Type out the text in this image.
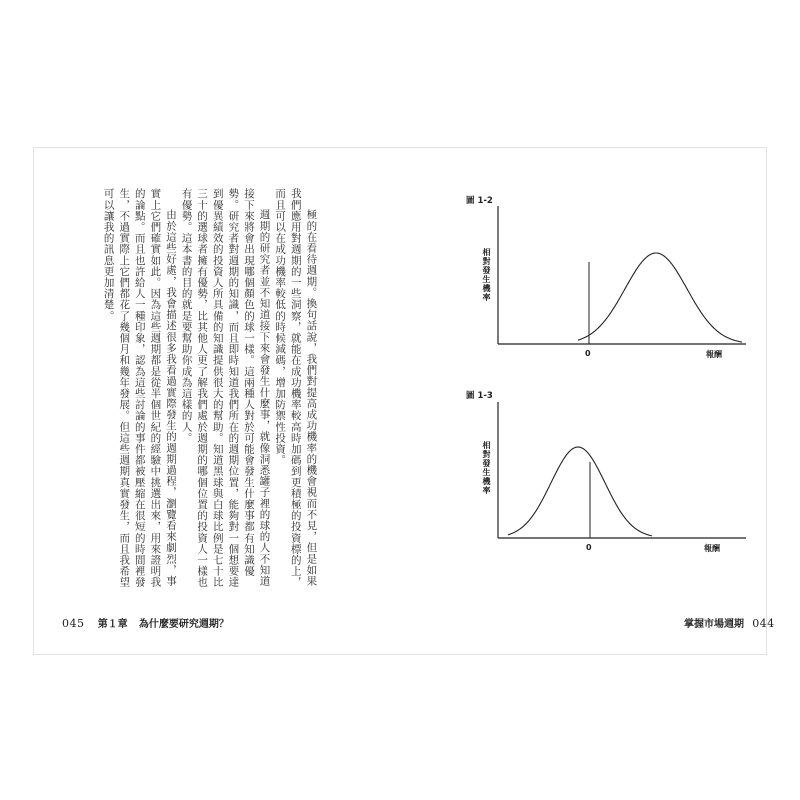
極的在看待週期。換句話說，我們對提高成功機率的機會視而不見，但是如果我們應用對週期的一些洞察，就能在成功機率較高時加碼到更積極的投資標的上，而且可以在成功機率較低的時候減碼，增加防禦性投資。

週期的研究者並不知道接下來會發生什麼事，就像洞悉罐子裡的球的人不知道接下來將會出現哪個顏色的球一樣。這兩種人對於可能會發生什麼事都有知識優勢。研究者對週期的知識，而且即時知道我們所在的週期位置，能夠對一個想要達到優異績效的投資人所具備的知識提供很大的幫助。知道黑球與白球比例是七十比三十的選球者擁有優勢，比其他人更了解我們處於週期的哪個位置的投資人一樣也有優勢。這本書的目的就是要幫助你成為這樣的人。

由於這些好處，我會描述很多我看過實際發生的週期過程，瀏覽看來劇烈，事實上它們確實如此。因為這些週期都是從半個世紀的經驗中挑選出來，用來證明我的論點。而且也許給人一種印象，認為這些討論的事件都被壓縮在很短的時間裡發生，不過實際上它們都花了幾個月和幾年發展。但這些週期真實發生，而且我希望可以讓我的訊息更加清楚。

045 第１章 為什麼要研究週期？	掌握市場週期 044
圖 1-2
相對發生機率
0	報酬
圖 1-3
相對發生機率
0	報酬
